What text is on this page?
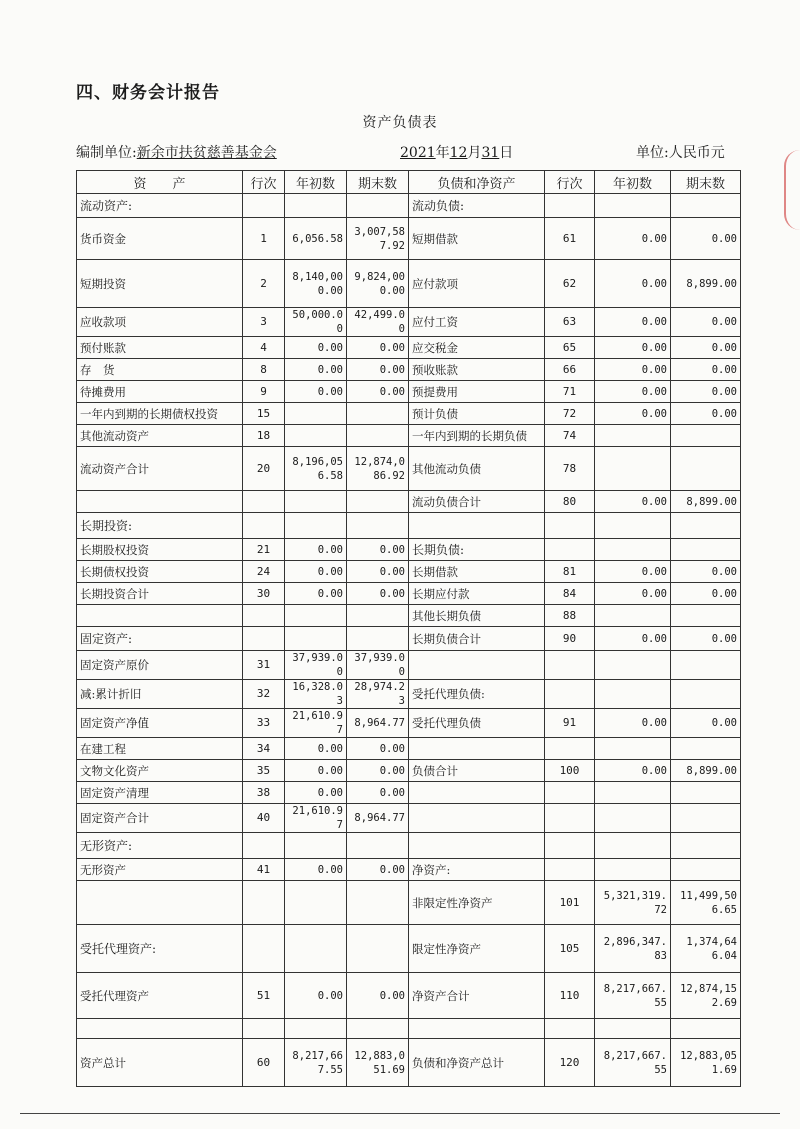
四、财务会计报告
资产负债表
编制单位:新余市扶贫慈善基金会	2021年12月31日	单位:人民币元
资　　产	行次	年初数	期末数	负债和净资产	行次	年初数	期末数
流动资产:				流动负债:			
货币资金	1	6,056.58	3,007,587.92	短期借款	61	0.00	0.00
短期投资	2	8,140,000.00	9,824,000.00	应付款项	62	0.00	8,899.00
应收款项	3	50,000.00	42,499.00	应付工资	63	0.00	0.00
预付账款	4	0.00	0.00	应交税金	65	0.00	0.00
存　货	8	0.00	0.00	预收账款	66	0.00	0.00
待摊费用	9	0.00	0.00	预提费用	71	0.00	0.00
一年内到期的长期债权投资	15			预计负债	72	0.00	0.00
其他流动资产	18			一年内到期的长期负债	74		
流动资产合计	20	8,196,056.58	12,874,086.92	其他流动负债	78		
				流动负债合计	80	0.00	8,899.00
长期投资:							
长期股权投资	21	0.00	0.00	长期负债:			
长期债权投资	24	0.00	0.00	长期借款	81	0.00	0.00
长期投资合计	30	0.00	0.00	长期应付款	84	0.00	0.00
				其他长期负债	88		
固定资产:				长期负债合计	90	0.00	0.00
固定资产原价	31	37,939.00	37,939.00				
减:累计折旧	32	16,328.03	28,974.23	受托代理负债:			
固定资产净值	33	21,610.97	8,964.77	受托代理负债	91	0.00	0.00
在建工程	34	0.00	0.00				
文物文化资产	35	0.00	0.00	负债合计	100	0.00	8,899.00
固定资产清理	38	0.00	0.00				
固定资产合计	40	21,610.97	8,964.77				
无形资产:							
无形资产	41	0.00	0.00	净资产:			
				非限定性净资产	101	5,321,319.72	11,499,506.65
受托代理资产:				限定性净资产	105	2,896,347.83	1,374,646.04
受托代理资产	51	0.00	0.00	净资产合计	110	8,217,667.55	12,874,152.69

资产总计	60	8,217,667.55	12,883,051.69	负债和净资产总计	120	8,217,667.55	12,883,051.69
